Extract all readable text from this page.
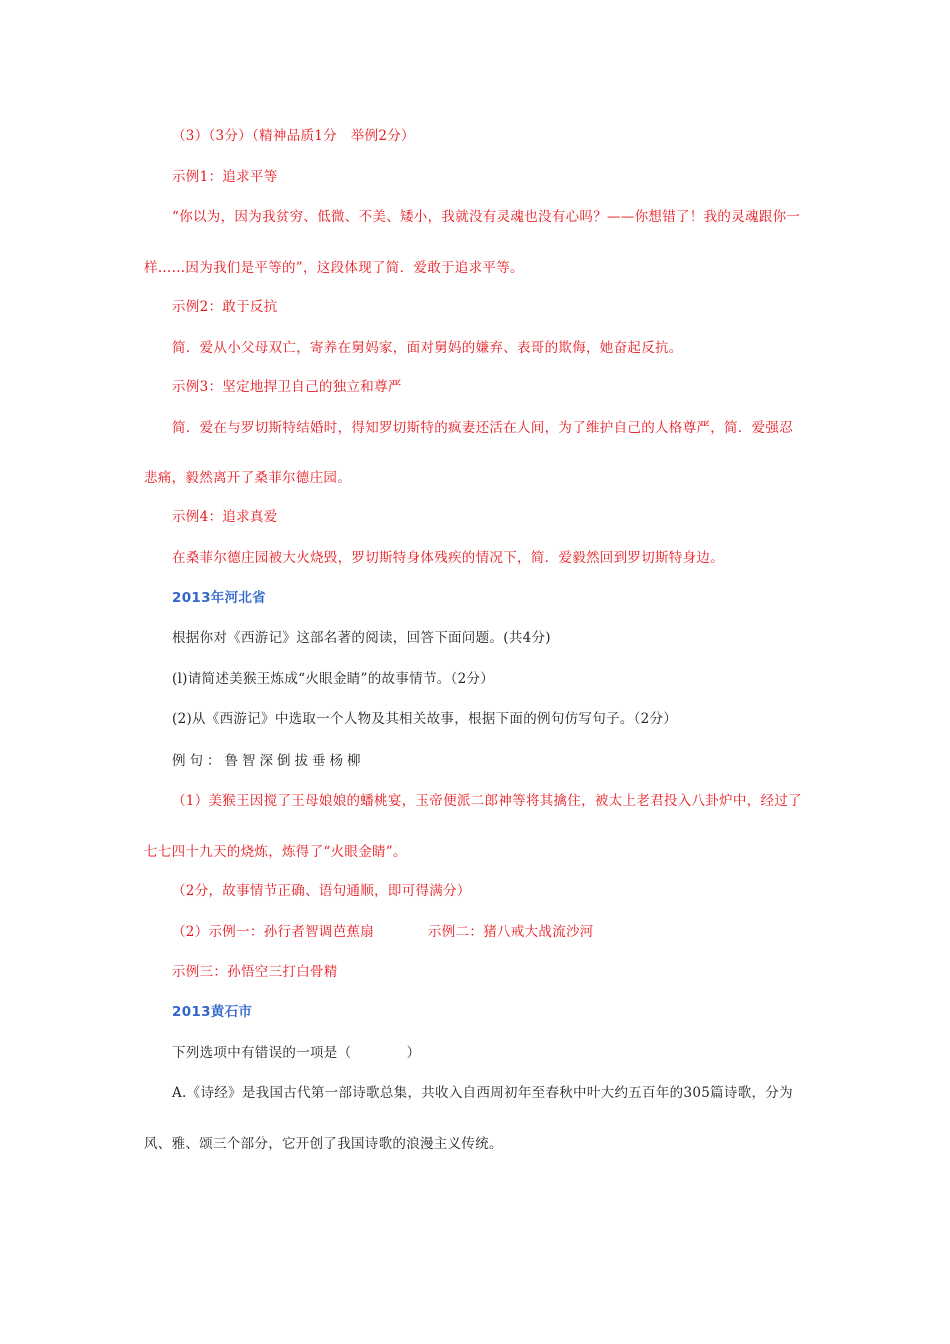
（3）（3分）（精神品质1分　举例2分）
示例1：追求平等
“你以为，因为我贫穷、低微、不美、矮小，我就没有灵魂也没有心吗？——你想错了！我的灵魂跟你一
样……因为我们是平等的”，这段体现了简．爱敢于追求平等。
示例2：敢于反抗
简．爱从小父母双亡，寄养在舅妈家，面对舅妈的嫌弃、表哥的欺侮，她奋起反抗。
示例3：坚定地捍卫自己的独立和尊严
简．爱在与罗切斯特结婚时，得知罗切斯特的疯妻还活在人间，为了维护自己的人格尊严，简．爱强忍
悲痛，毅然离开了桑菲尔德庄园。
示例4：追求真爱
在桑菲尔德庄园被大火烧毁，罗切斯特身体残疾的情况下，简．爱毅然回到罗切斯特身边。
2013年河北省
根据你对《西游记》这部名著的阅读，回答下面问题。(共4分)
(l)请简述美猴王炼成“火眼金睛”的故事情节。（2分）
(2)从《西游记》中选取一个人物及其相关故事，根据下面的例句仿写句子。（2分）
例句：鲁智深倒拔垂杨柳
（1）美猴王因搅了王母娘娘的蟠桃宴，玉帝便派二郎神等将其擒住，被太上老君投入八卦炉中，经过了
七七四十九天的烧炼，炼得了“火眼金睛”。
（2分，故事情节正确、语句通顺，即可得满分）
（2）示例一：孙行者智调芭蕉扇	示例二：猪八戒大战流沙河
示例三：孙悟空三打白骨精
2013黄石市
下列选项中有错误的一项是（　　　　）
A.《诗经》是我国古代第一部诗歌总集，共收入自西周初年至春秋中叶大约五百年的305篇诗歌，分为
风、雅、颂三个部分，它开创了我国诗歌的浪漫主义传统。
